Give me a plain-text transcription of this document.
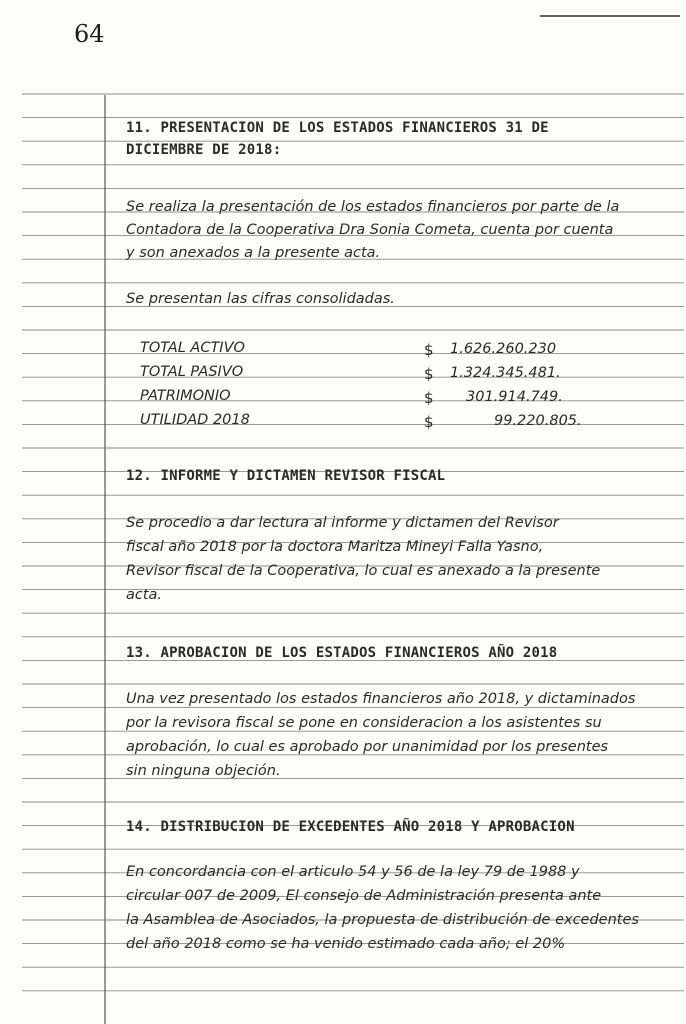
64
11. PRESENTACION DE LOS ESTADOS FINANCIEROS 31 DE
DICIEMBRE DE 2018:
Se realiza la presentación de los estados financieros por parte de la
Contadora de la Cooperativa Dra Sonia Cometa, cuenta por cuenta
y son anexados a la presente acta.
Se presentan las cifras consolidadas.
TOTAL ACTIVO	$ 1.626.260.230
TOTAL PASIVO	$ 1.324.345.481.
PATRIMONIO	$ 301.914.749.
UTILIDAD 2018	$	99.220.805.
12. INFORME Y DICTAMEN REVISOR FISCAL
Se procedio a dar lectura al informe y dictamen del Revisor
fiscal año 2018 por la doctora Maritza Mineyi Falla Yasno,
Revisor fiscal de la Cooperativa, lo cual es anexado a la presente
acta.
13. APROBACION DE LOS ESTADOS FINANCIEROS AÑO 2018
Una vez presentado los estados financieros año 2018, y dictaminados
por la revisora fiscal se pone en consideracion a los asistentes su
aprobación, lo cual es aprobado por unanimidad por los presentes
sin ninguna objeción.
14. DISTRIBUCION DE EXCEDENTES AÑO 2018 Y APROBACION
En concordancia con el articulo 54 y 56 de la ley 79 de 1988 y
circular 007 de 2009, El consejo de Administración presenta ante
la Asamblea de Asociados, la propuesta de distribución de excedentes
del año 2018 como se ha venido estimado cada año; el 20%
